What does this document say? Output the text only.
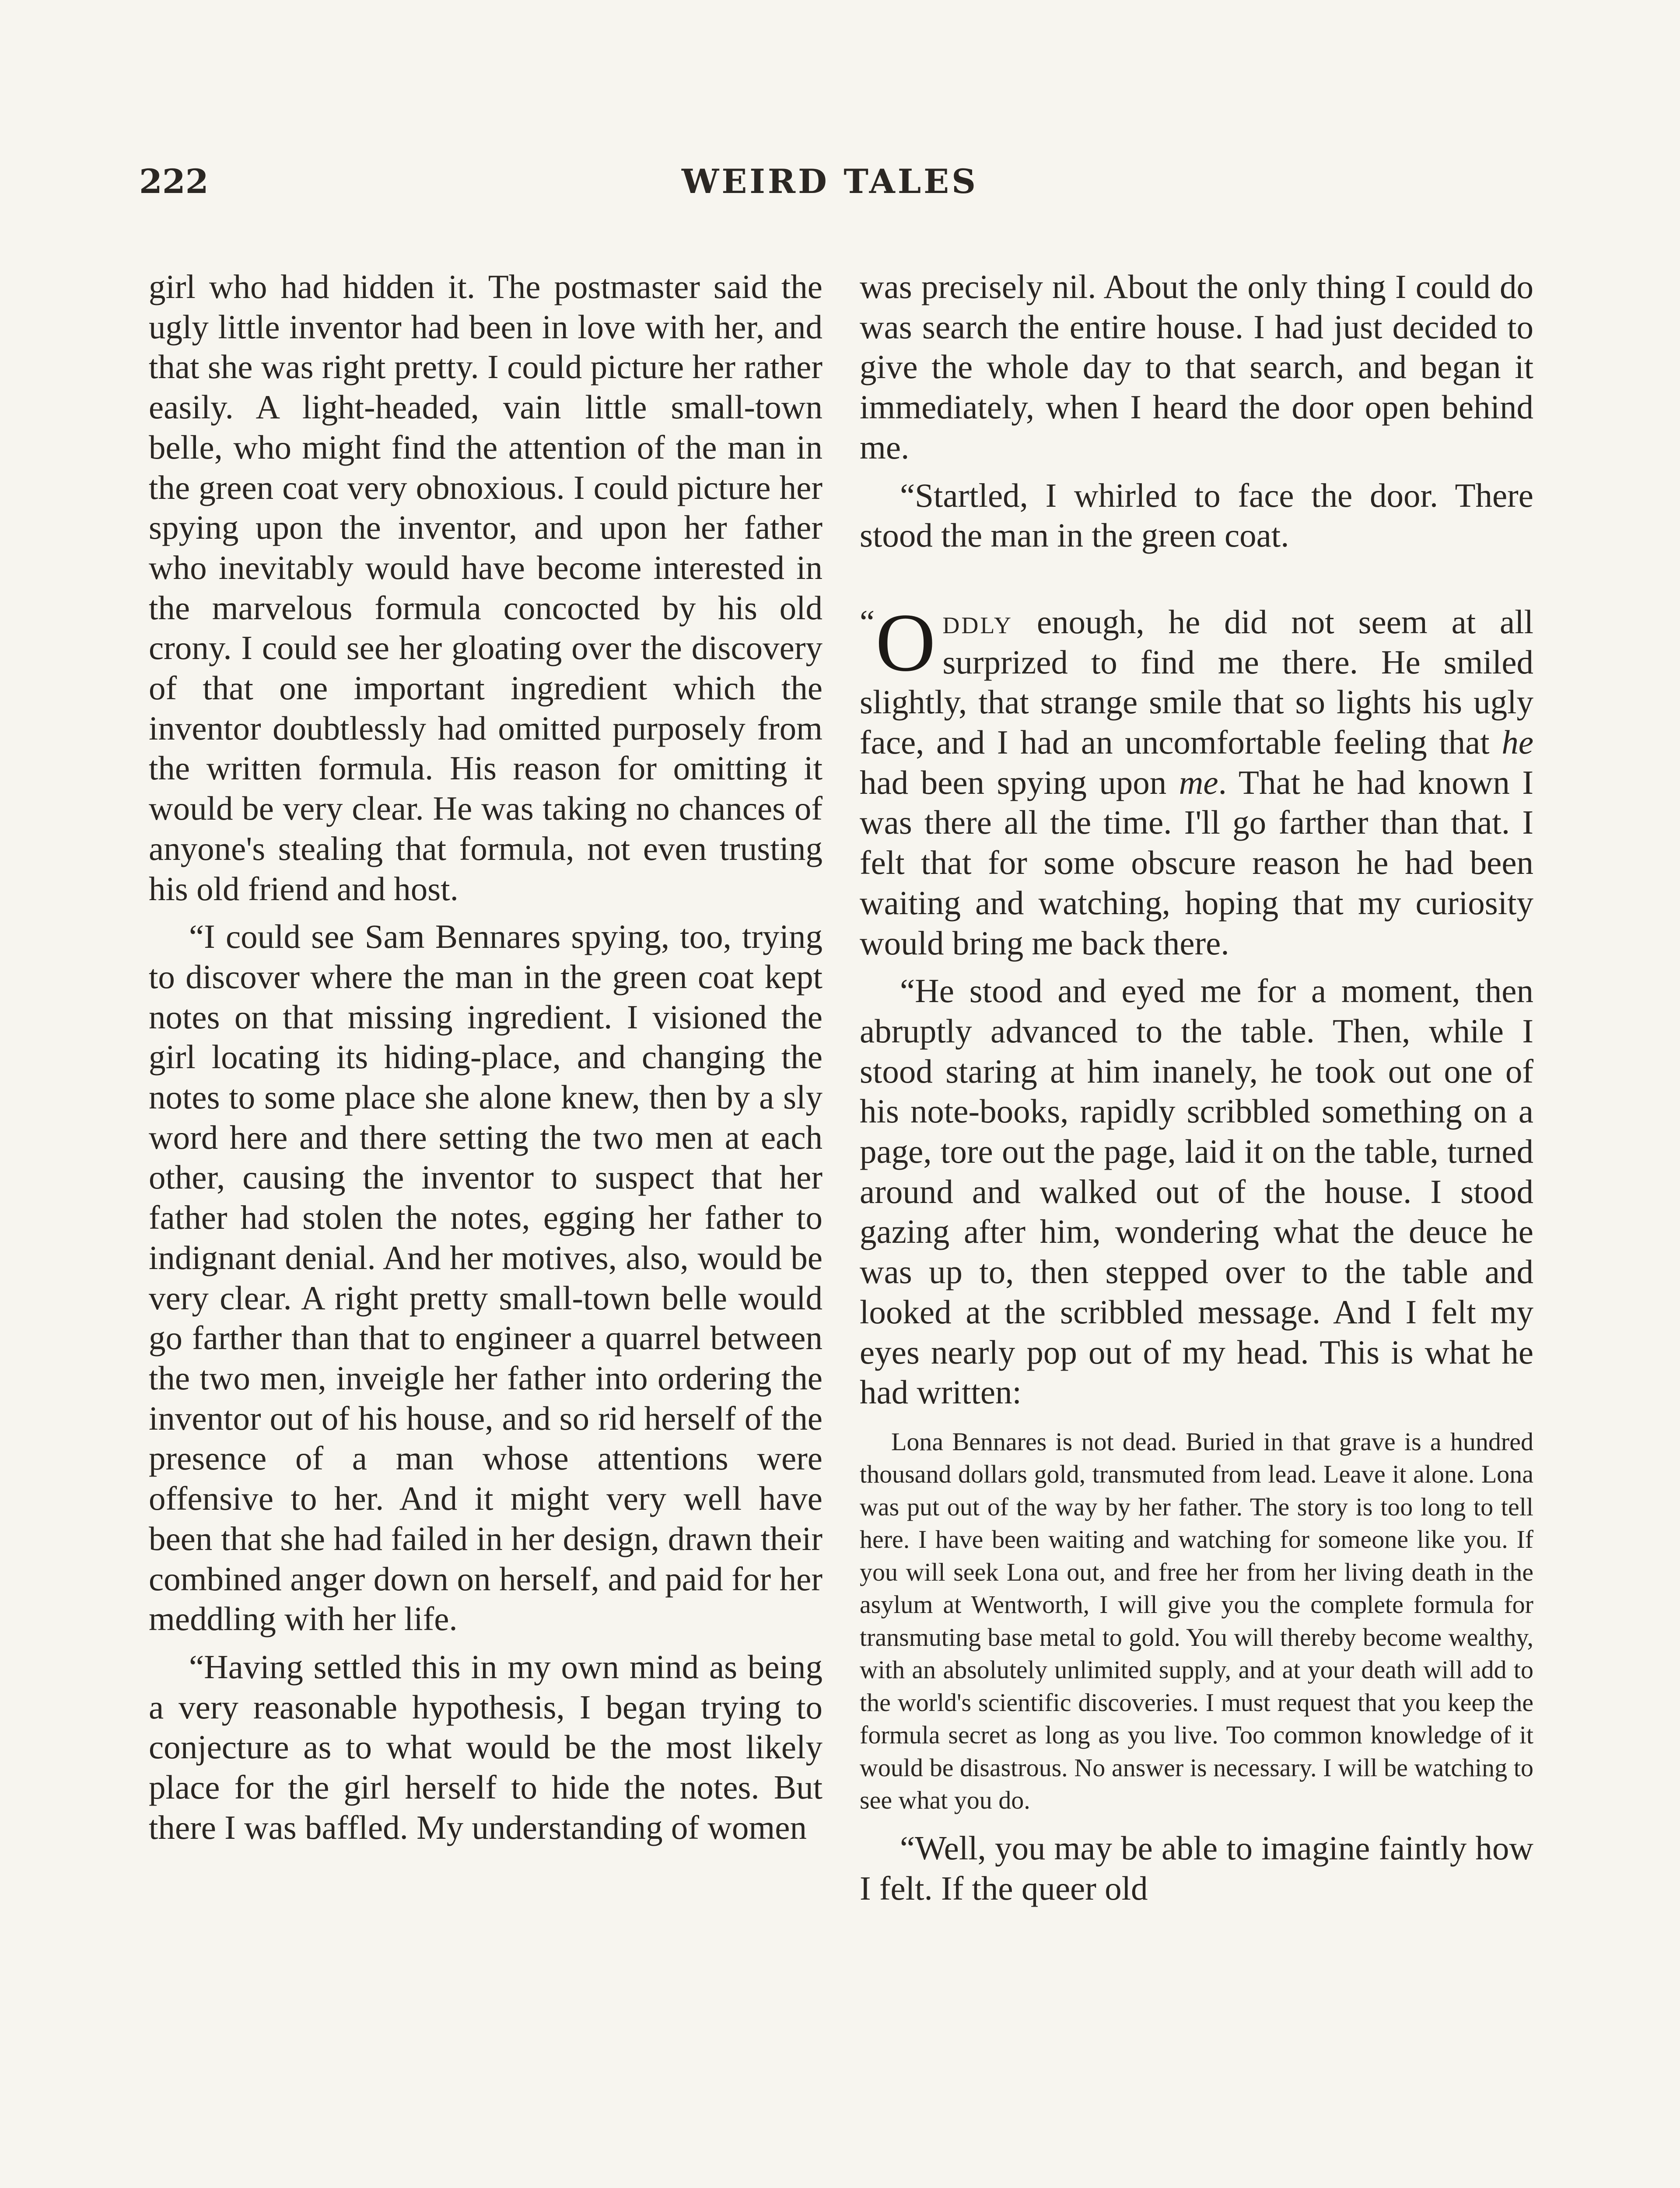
222	WEIRD TALES

girl who had hidden it. The postmaster said the ugly little inventor had been in love with her, and that she was right pretty. I could picture her rather easily. A light-headed, vain little small-town belle, who might find the attention of the man in the green coat very obnoxious. I could picture her spying upon the inventor, and upon her father who inevitably would have become interested in the marvelous formula concocted by his old crony. I could see her gloating over the discovery of that one important ingredient which the inventor doubtlessly had omitted purposely from the written formula. His reason for omitting it would be very clear. He was taking no chances of anyone's stealing that formula, not even trusting his old friend and host.

“I could see Sam Bennares spying, too, trying to discover where the man in the green coat kept notes on that missing ingredient. I visioned the girl locating its hiding-place, and changing the notes to some place she alone knew, then by a sly word here and there setting the two men at each other, causing the inventor to suspect that her father had stolen the notes, egging her father to indignant denial. And her motives, also, would be very clear. A right pretty small-town belle would go farther than that to engineer a quarrel between the two men, inveigle her father into ordering the inventor out of his house, and so rid herself of the presence of a man whose attentions were offensive to her. And it might very well have been that she had failed in her design, drawn their combined anger down on herself, and paid for her meddling with her life.

“Having settled this in my own mind as being a very reasonable hypothesis, I began trying to conjecture as to what would be the most likely place for the girl herself to hide the notes. But there I was baffled. My understanding of women

was precisely nil. About the only thing I could do was search the entire house. I had just decided to give the whole day to that search, and began it immediately, when I heard the door open behind me.

“Startled, I whirled to face the door. There stood the man in the green coat.

“ O ddly enough, he did not seem at all surprized to find me there. He smiled slightly, that strange smile that so lights his ugly face, and I had an uncomfortable feeling that he had been spying upon me. That he had known I was there all the time. I'll go farther than that. I felt that for some obscure reason he had been waiting and watching, hoping that my curiosity would bring me back there.

“He stood and eyed me for a moment, then abruptly advanced to the table. Then, while I stood staring at him inanely, he took out one of his note-books, rapidly scribbled something on a page, tore out the page, laid it on the table, turned around and walked out of the house. I stood gazing after him, wondering what the deuce he was up to, then stepped over to the table and looked at the scribbled message. And I felt my eyes nearly pop out of my head. This is what he had written:

Lona Bennares is not dead. Buried in that grave is a hundred thousand dollars gold, transmuted from lead. Leave it alone. Lona was put out of the way by her father. The story is too long to tell here. I have been waiting and watching for someone like you. If you will seek Lona out, and free her from her living death in the asylum at Wentworth, I will give you the complete formula for transmuting base metal to gold. You will thereby become wealthy, with an absolutely unlimited supply, and at your death will add to the world's scientific discoveries. I must request that you keep the formula secret as long as you live. Too common knowledge of it would be disastrous. No answer is necessary. I will be watching to see what you do.

“Well, you may be able to imagine faintly how I felt. If the queer old
